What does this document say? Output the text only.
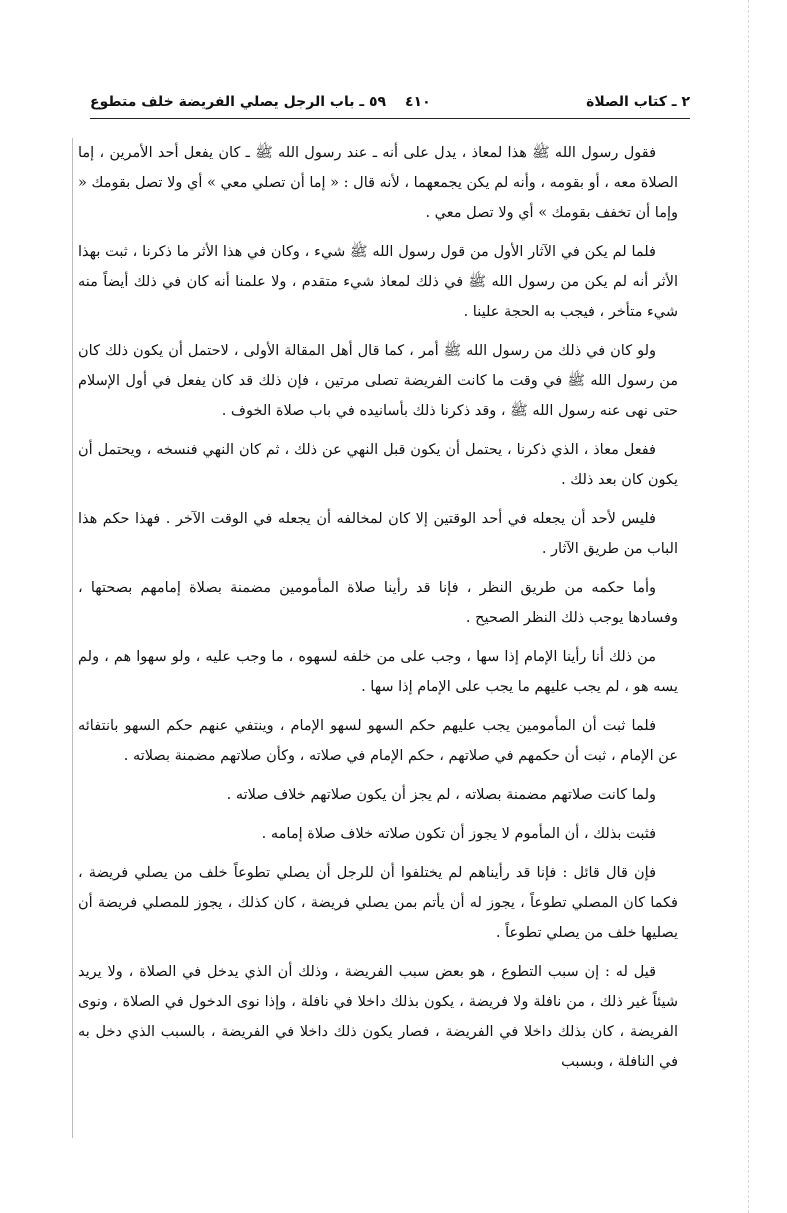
٢ ـ كتاب الصلاة
٤١٠
٥٩ ـ باب الرجل يصلي الفريضة خلف متطوع

فقول رسول الله ﷺ هذا لمعاذ ، يدل على أنه ـ عند رسول الله ﷺ ـ كان يفعل أحد الأمرين ، إما الصلاة معه ، أو بقومه ، وأنه لم يكن يجمعهما ، لأنه قال : « إما أن تصلي معي » أي ولا تصل بقومك « وإما أن تخفف بقومك » أي ولا تصل معي .

فلما لم يكن في الآثار الأول من قول رسول الله ﷺ شيء ، وكان في هذا الأثر ما ذكرنا ، ثبت بهذا الأثر أنه لم يكن من رسول الله ﷺ في ذلك لمعاذ شيء متقدم ، ولا علمنا أنه كان في ذلك أيضاً منه شيء متأخر ، فيجب به الحجة علينا .

ولو كان في ذلك من رسول الله ﷺ أمر ، كما قال أهل المقالة الأولى ، لاحتمل أن يكون ذلك كان من رسول الله ﷺ في وقت ما كانت الفريضة تصلى مرتين ، فإن ذلك قد كان يفعل في أول الإسلام حتى نهى عنه رسول الله ﷺ ، وقد ذكرنا ذلك بأسانيده في باب صلاة الخوف .

ففعل معاذ ، الذي ذكرنا ، يحتمل أن يكون قبل النهي عن ذلك ، ثم كان النهي فنسخه ، ويحتمل أن يكون كان بعد ذلك .

فليس لأحد أن يجعله في أحد الوقتين إلا كان لمخالفه أن يجعله في الوقت الآخر . فهذا حكم هذا الباب من طريق الآثار .

وأما حكمه من طريق النظر ، فإنا قد رأينا صلاة المأمومين مضمنة بصلاة إمامهم بصحتها ، وفسادها يوجب ذلك النظر الصحيح .

من ذلك أنا رأينا الإمام إذا سها ، وجب على من خلفه لسهوه ، ما وجب عليه ، ولو سهوا هم ، ولم يسه هو ، لم يجب عليهم ما يجب على الإمام إذا سها .

فلما ثبت أن المأمومين يجب عليهم حكم السهو لسهو الإمام ، وينتفي عنهم حكم السهو بانتفائه عن الإمام ، ثبت أن حكمهم في صلاتهم ، حكم الإمام في صلاته ، وكأن صلاتهم مضمنة بصلاته .

ولما كانت صلاتهم مضمنة بصلاته ، لم يجز أن يكون صلاتهم خلاف صلاته .

فثبت بذلك ، أن المأموم لا يجوز أن تكون صلاته خلاف صلاة إمامه .

فإن قال قائل : فإنا قد رأيناهم لم يختلفوا أن للرجل أن يصلي تطوعاً خلف من يصلي فريضة ، فكما كان المصلي تطوعاً ، يجوز له أن يأتم بمن يصلي فريضة ، كان كذلك ، يجوز للمصلي فريضة أن يصليها خلف من يصلي تطوعاً .

قيل له : إن سبب التطوع ، هو بعض سبب الفريضة ، وذلك أن الذي يدخل في الصلاة ، ولا يريد شيئاً غير ذلك ، من نافلة ولا فريضة ، يكون بذلك داخلا في نافلة ، وإذا نوى الدخول في الصلاة ، ونوى الفريضة ، كان بذلك داخلا في الفريضة ، فصار يكون ذلك داخلا في الفريضة ، بالسبب الذي دخل به في النافلة ، وبسبب
